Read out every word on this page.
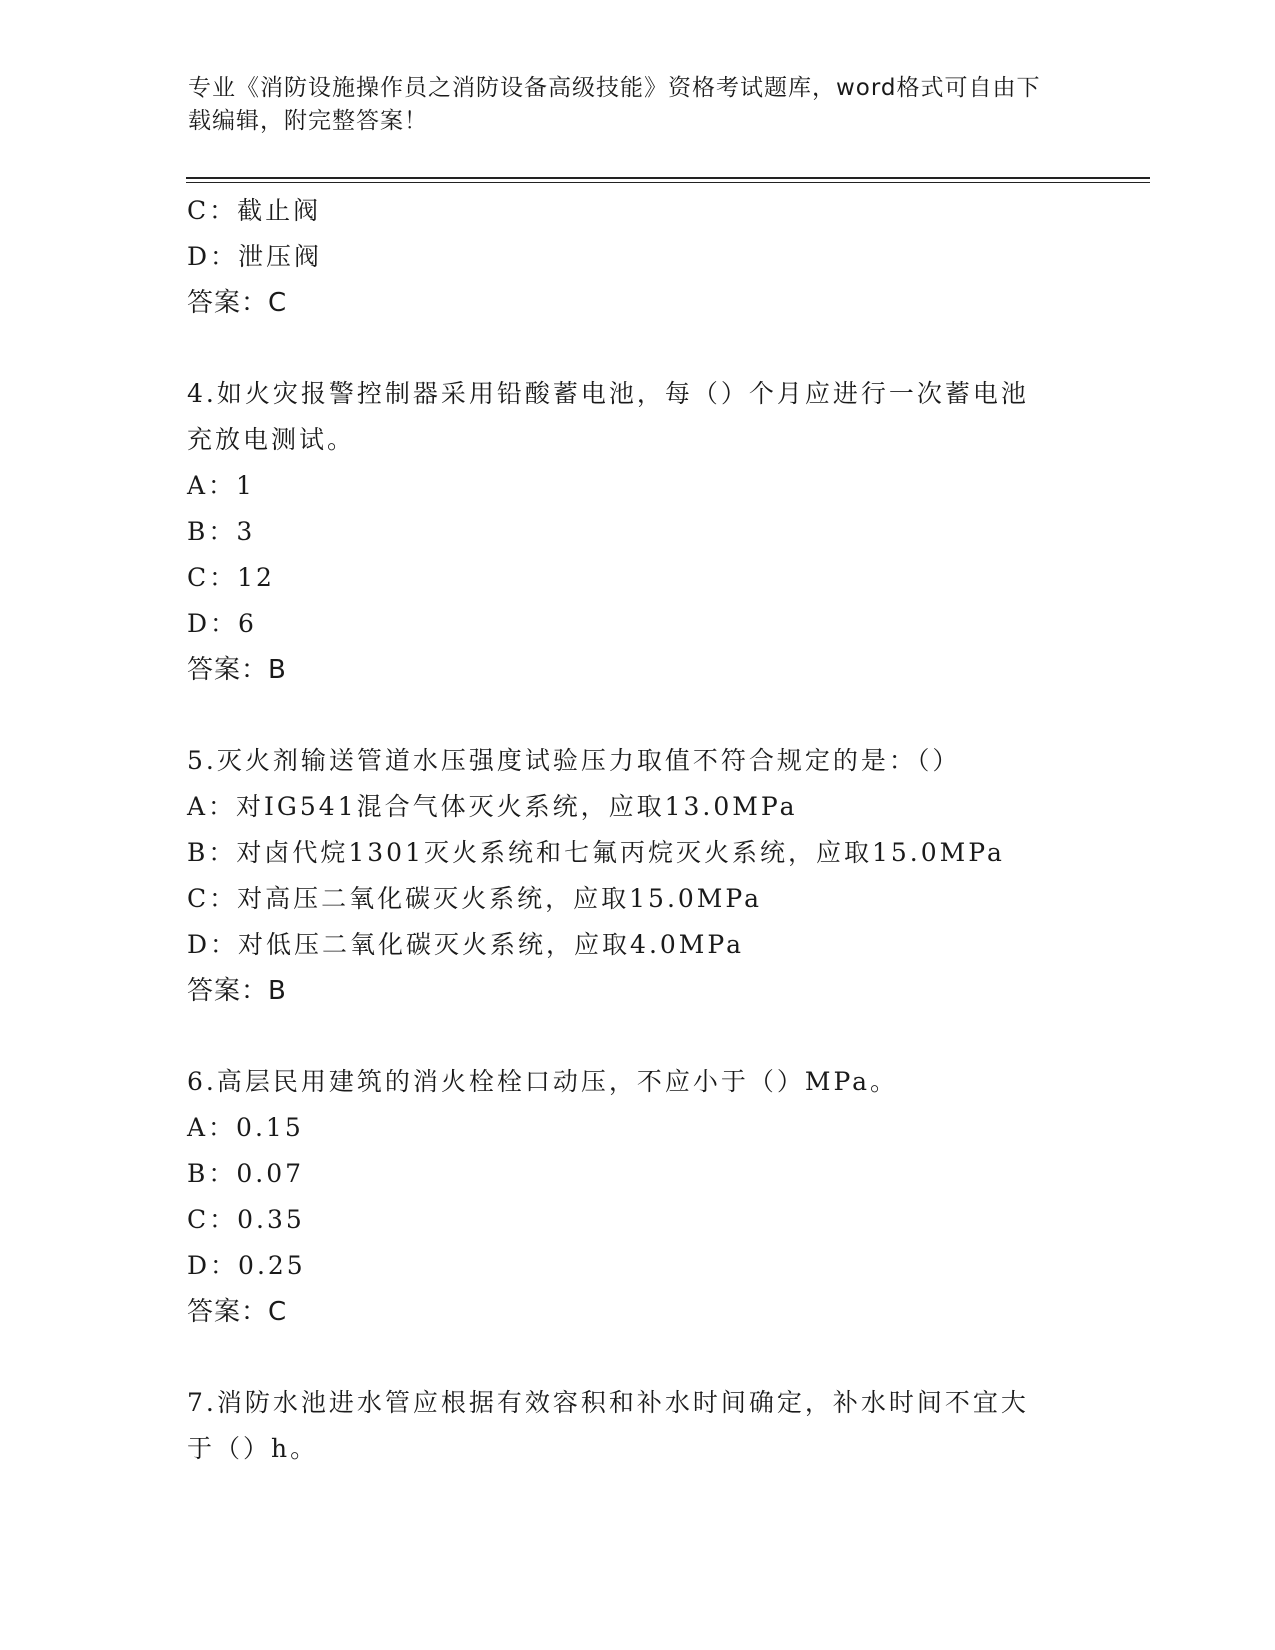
专业《消防设施操作员之消防设备高级技能》资格考试题库，word格式可自由下
载编辑，附完整答案！
C：截止阀
D：泄压阀
答案：C
4.如火灾报警控制器采用铅酸蓄电池，每（）个月应进行一次蓄电池
充放电测试。
A：1
B：3
C：12
D：6
答案：B
5.灭火剂输送管道水压强度试验压力取值不符合规定的是：（）
A：对IG541混合气体灭火系统，应取13.0MPa
B：对卤代烷1301灭火系统和七氟丙烷灭火系统，应取15.0MPa
C：对高压二氧化碳灭火系统，应取15.0MPa
D：对低压二氧化碳灭火系统，应取4.0MPa
答案：B
6.高层民用建筑的消火栓栓口动压，不应小于（）MPa。
A：0.15
B：0.07
C：0.35
D：0.25
答案：C
7.消防水池进水管应根据有效容积和补水时间确定，补水时间不宜大
于（）h。
